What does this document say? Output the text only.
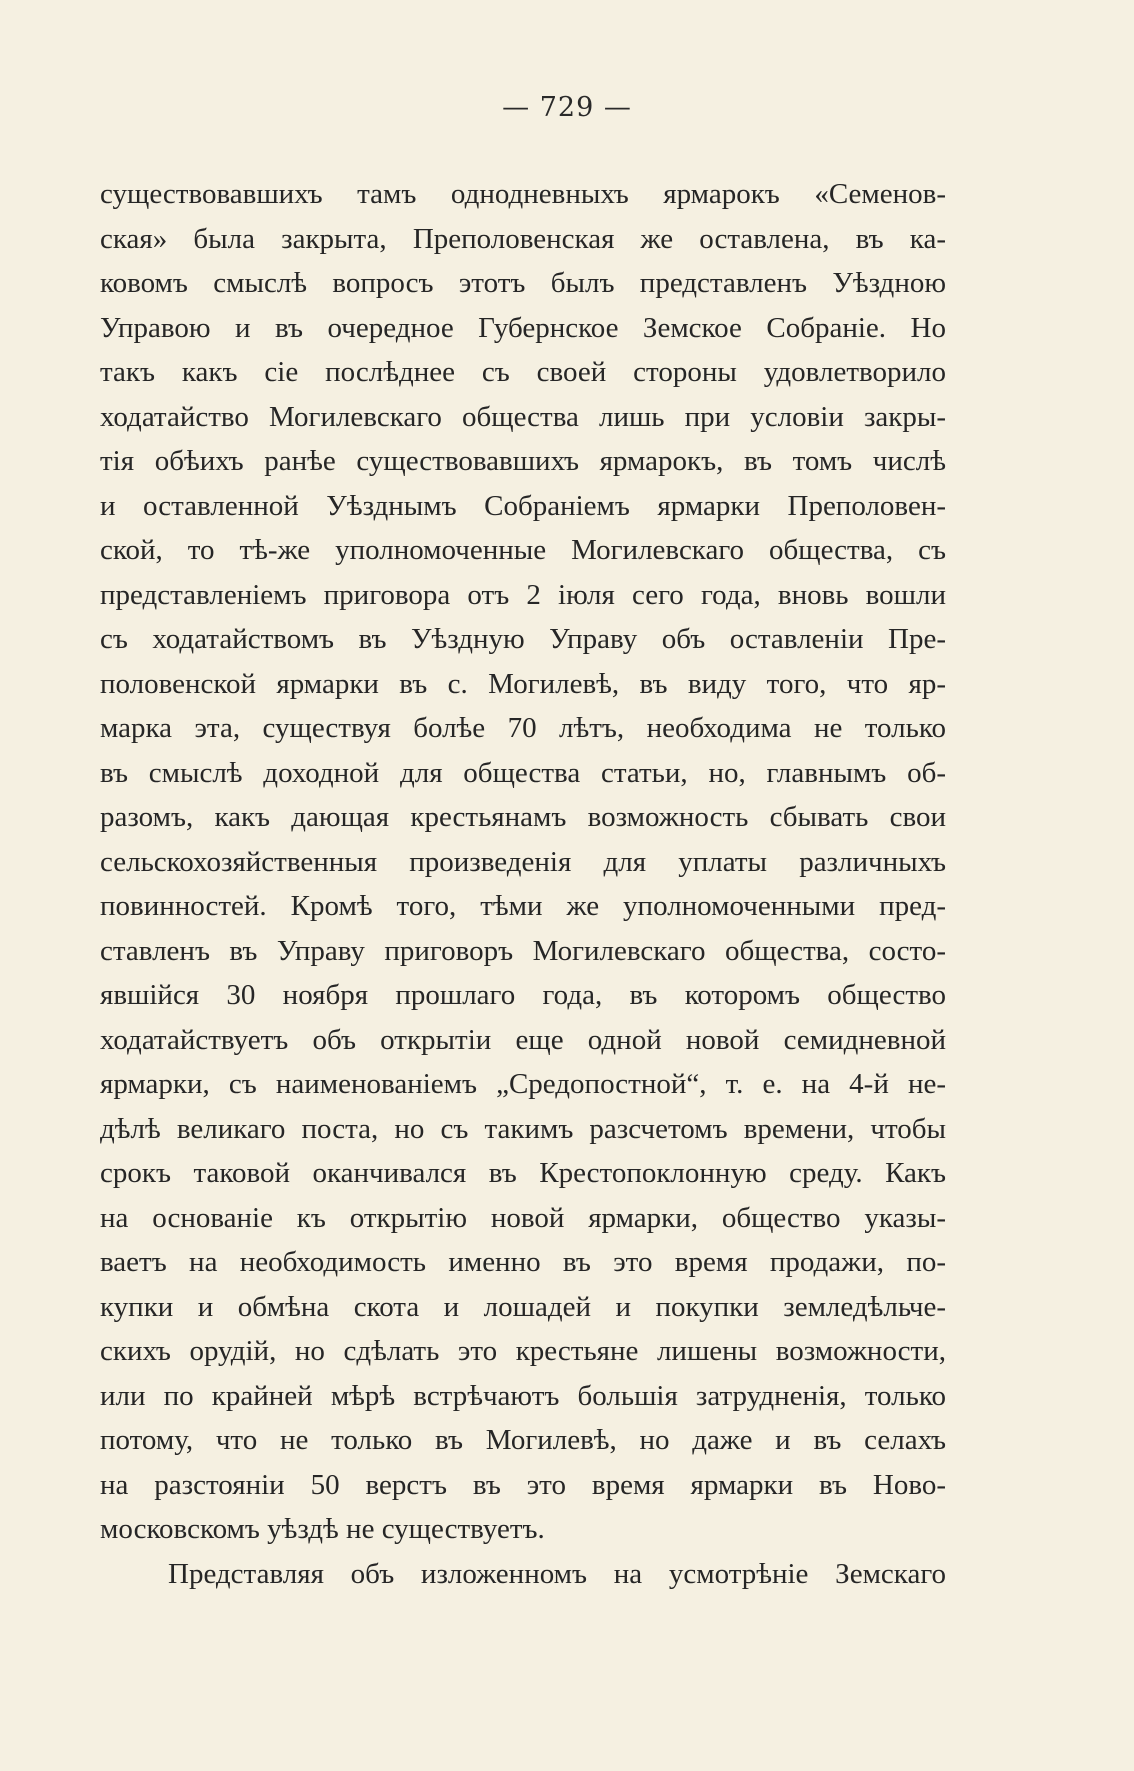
— 729 —
существовавшихъ тамъ однодневныхъ ярмарокъ «Семенов-
ская» была закрыта, Преполовенская же оставлена, въ ка-
ковомъ смыслѣ вопросъ этотъ былъ представленъ Уѣздною
Управою и въ очередное Губернское Земское Собраніе. Но
такъ какъ сіе послѣднее съ своей стороны удовлетворило
ходатайство Могилевскаго общества лишь при условіи закры-
тія обѣихъ ранѣе существовавшихъ ярмарокъ, въ томъ числѣ
и оставленной Уѣзднымъ Собраніемъ ярмарки Преполовен-
ской, то тѣ-же уполномоченные Могилевскаго общества, съ
представленіемъ приговора отъ 2 іюля сего года, вновь вошли
съ ходатайствомъ въ Уѣздную Управу объ оставленіи Пре-
половенской ярмарки въ с. Могилевѣ, въ виду того, что яр-
марка эта, существуя болѣе 70 лѣтъ, необходима не только
въ смыслѣ доходной для общества статьи, но, главнымъ об-
разомъ, какъ дающая крестьянамъ возможность сбывать свои
сельскохозяйственныя произведенія для уплаты различныхъ
повинностей. Кромѣ того, тѣми же уполномоченными пред-
ставленъ въ Управу приговоръ Могилевскаго общества, состо-
явшійся 30 ноября прошлаго года, въ которомъ общество
ходатайствуетъ объ открытіи еще одной новой семидневной
ярмарки, съ наименованіемъ „Средопостной“, т. е. на 4-й не-
дѣлѣ великаго поста, но съ такимъ разсчетомъ времени, чтобы
срокъ таковой оканчивался въ Крестопоклонную среду. Какъ
на основаніе къ открытію новой ярмарки, общество указы-
ваетъ на необходимость именно въ это время продажи, по-
купки и обмѣна скота и лошадей и покупки земледѣльче-
скихъ орудій, но сдѣлать это крестьяне лишены возможности,
или по крайней мѣрѣ встрѣчаютъ большія затрудненія, только
потому, что не только въ Могилевѣ, но даже и въ селахъ
на разстояніи 50 верстъ въ это время ярмарки въ Ново-
московскомъ уѣздѣ не существуетъ.
Представляя объ изложенномъ на усмотрѣніе Земскаго
